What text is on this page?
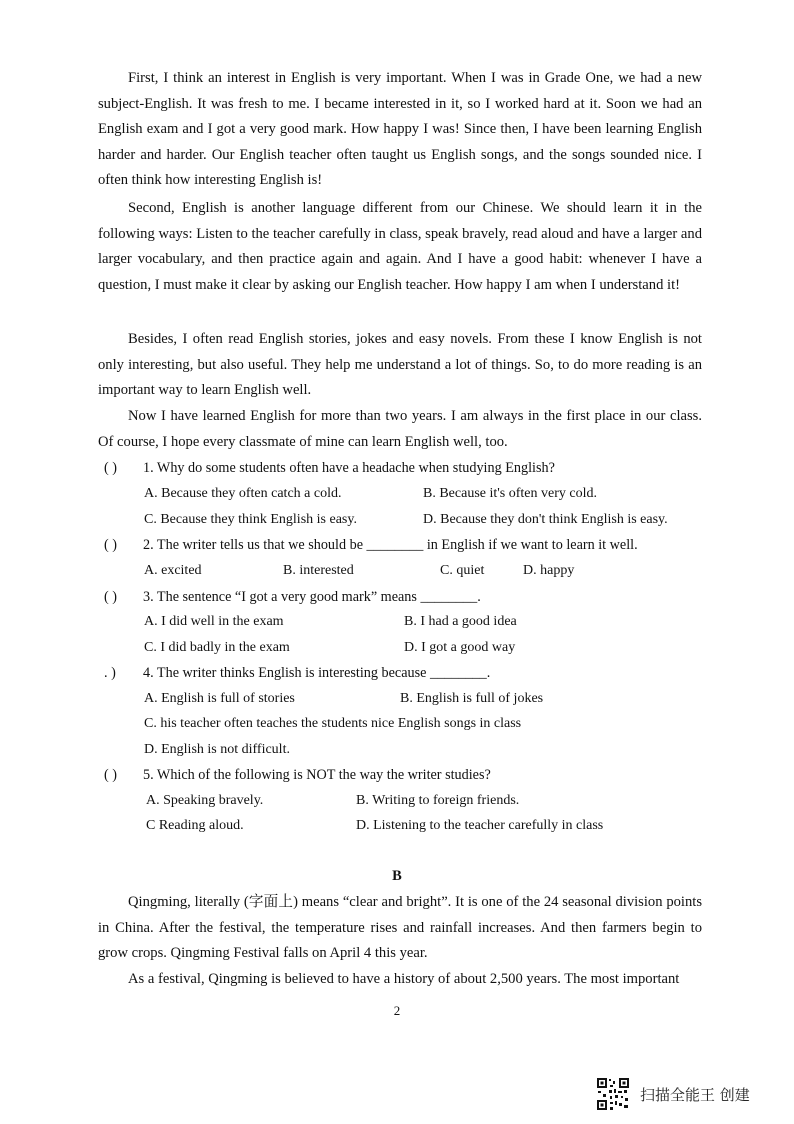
First, I think an interest in English is very important. When I was in Grade One, we had a new subject-English. It was fresh to me. I became interested in it, so I worked hard at it. Soon we had an English exam and I got a very good mark. How happy I was! Since then, I have been learning English harder and harder. Our English teacher often taught us English songs, and the songs sounded nice. I often think how interesting English is!

Second, English is another language different from our Chinese. We should learn it in the following ways: Listen to the teacher carefully in class, speak bravely, read aloud and have a larger and larger vocabulary, and then practice again and again. And I have a good habit: whenever I have a question, I must make it clear by asking our English teacher. How happy I am when I understand it!

Besides, I often read English stories, jokes and easy novels. From these I know English is not only interesting, but also useful. They help me understand a lot of things. So, to do more reading is an important way to learn English well.

Now I have learned English for more than two years. I am always in the first place in our class. Of course, I hope every classmate of mine can learn English well, too.

( ) 1. Why do some students often have a headache when studying English?
A. Because they often catch a cold.	B. Because it's often very cold.
C. Because they think English is easy.	D. Because they don't think English is easy.
( ) 2. The writer tells us that we should be ________ in English if we want to learn it well.
A. excited	B. interested	C. quiet	D. happy
( ) 3. The sentence “I got a very good mark” means ________.
A. I did well in the exam	B. I had a good idea
C. I did badly in the exam	D. I got a good way
. ) 4. The writer thinks English is interesting because ________.
A. English is full of stories	B. English is full of jokes
C. his teacher often teaches the students nice English songs in class
D. English is not difficult.
( ) 5. Which of the following is NOT the way the writer studies?
A. Speaking bravely.	B. Writing to foreign friends.
C Reading aloud.	D. Listening to the teacher carefully in class
B

Qingming, literally (字面上) means “clear and bright”. It is one of the 24 seasonal division points in China. After the festival, the temperature rises and rainfall increases. And then farmers begin to grow crops. Qingming Festival falls on April 4 this year.

As a festival, Qingming is believed to have a history of about 2,500 years. The most important

2
扫描全能王 创建
